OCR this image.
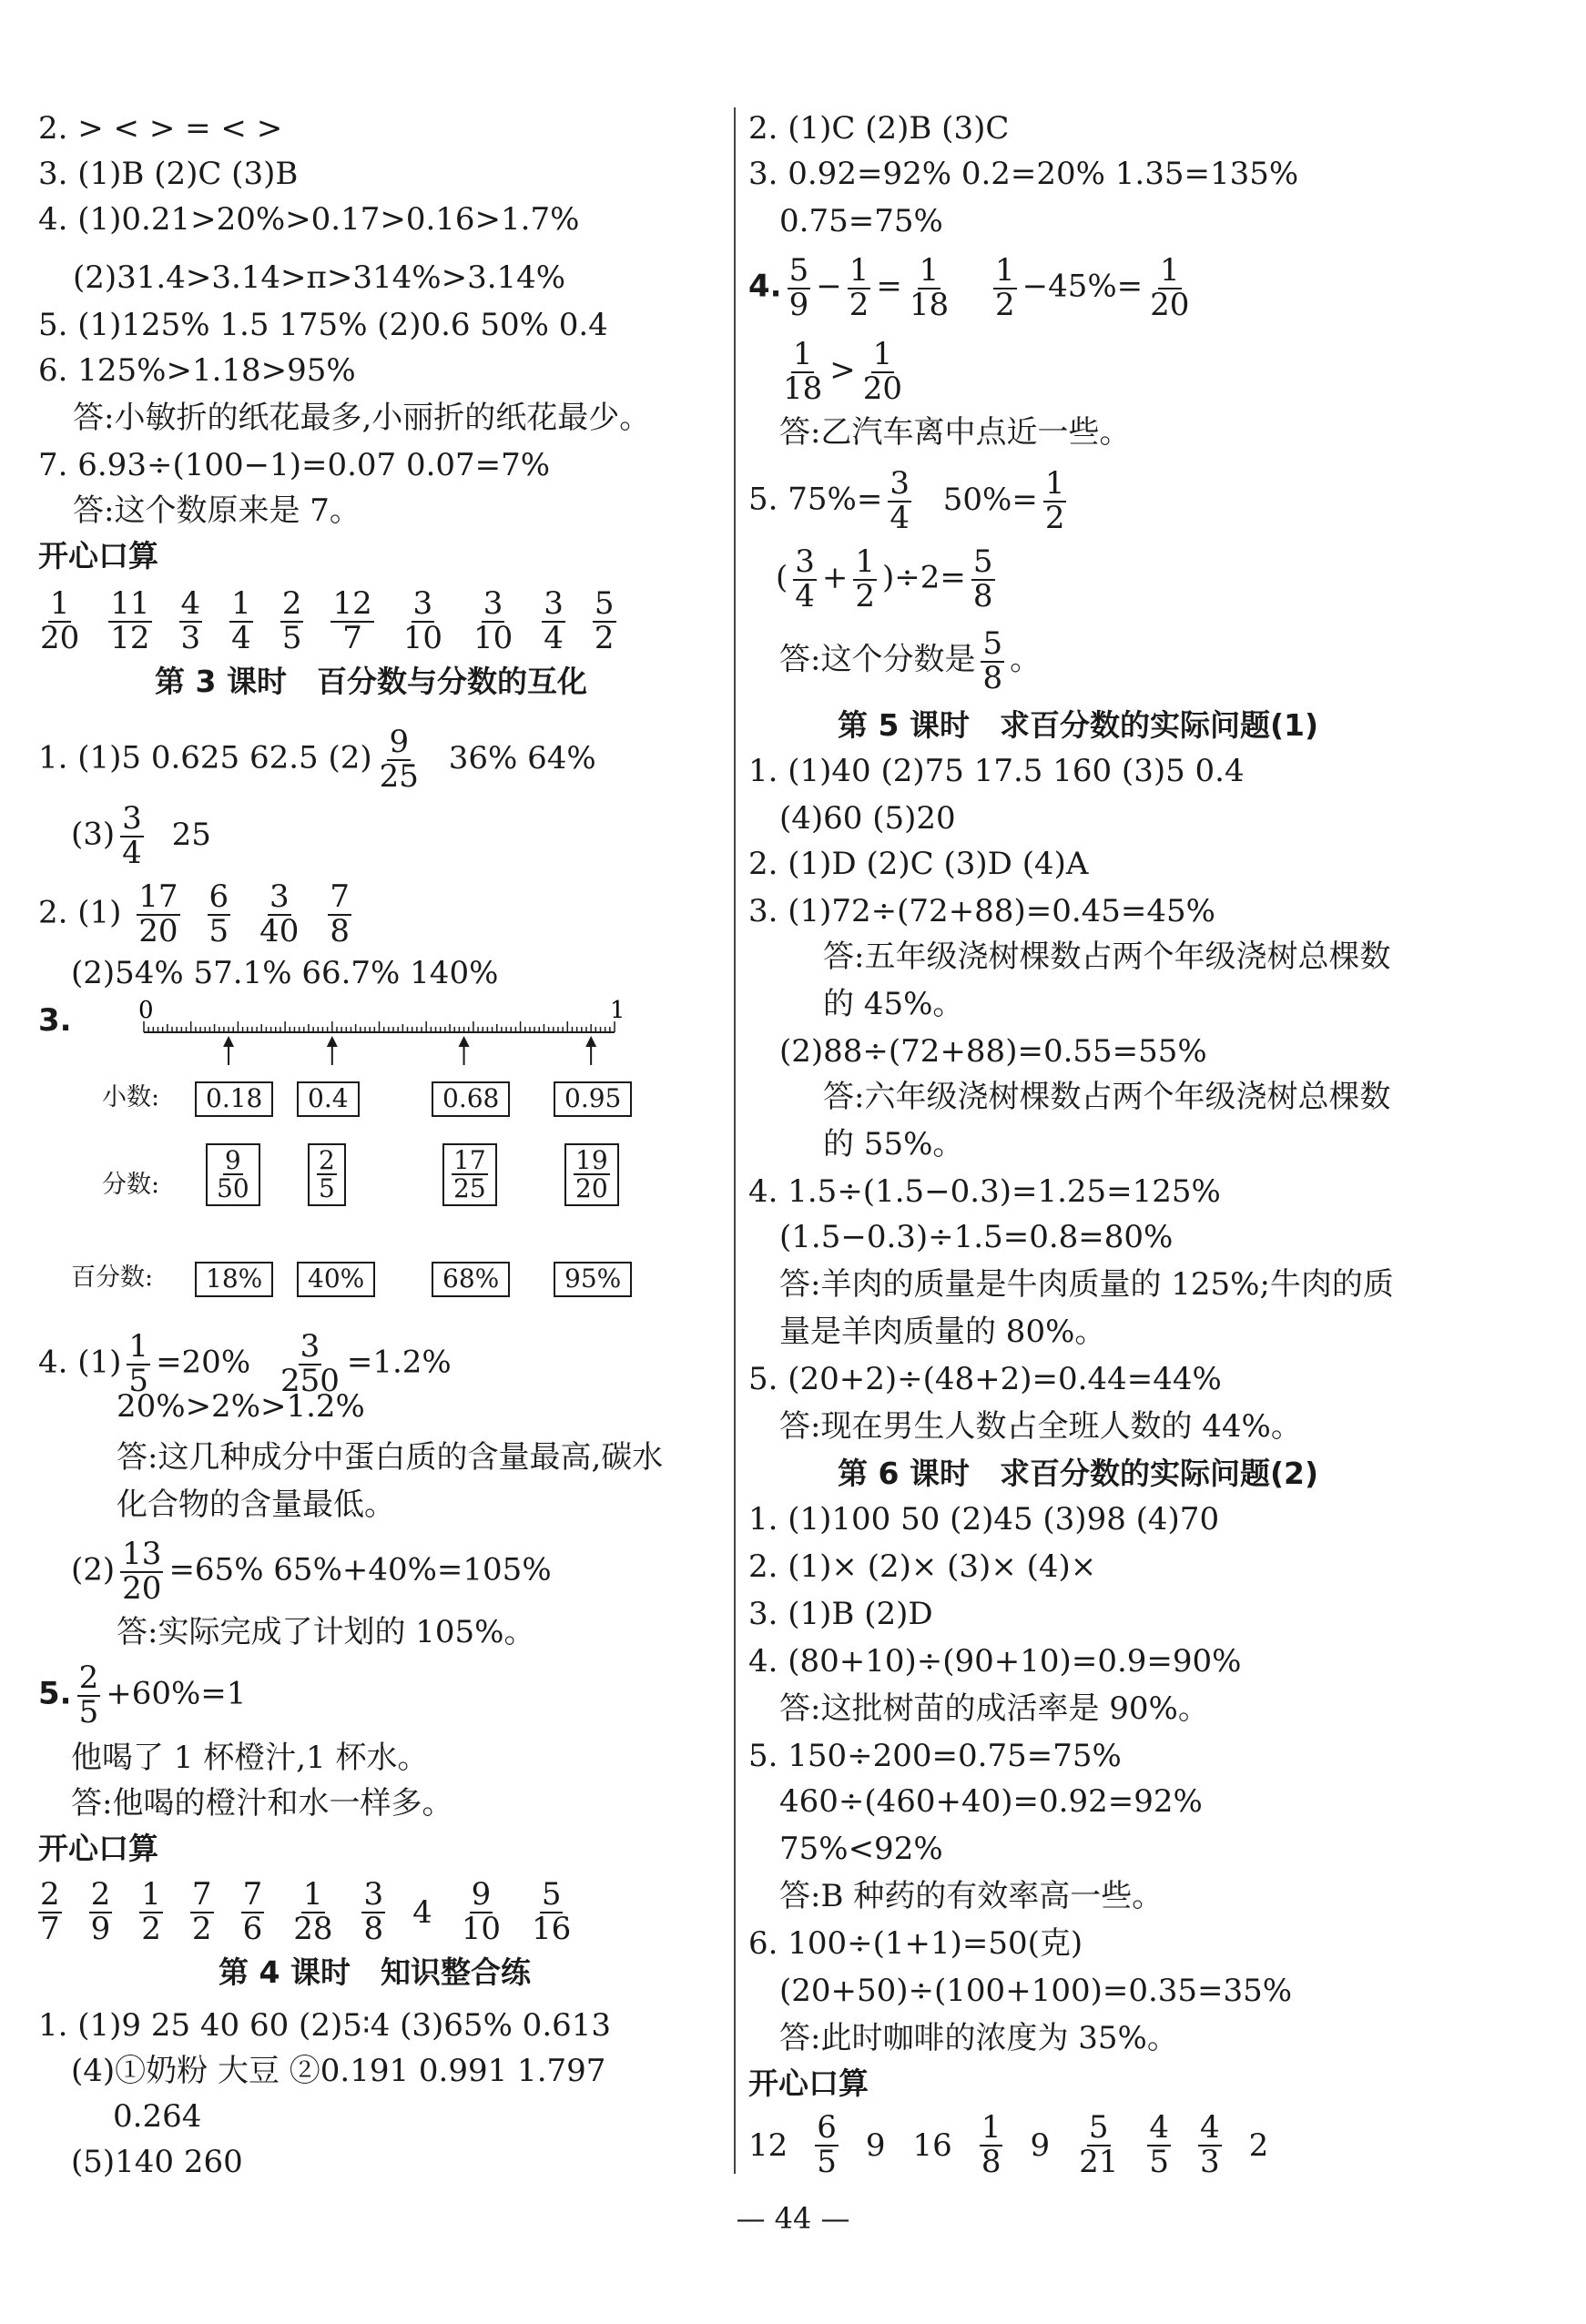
2. > < > = < >
3. (1)B (2)C (3)B
4. (1)0.21>20%>0.17>0.16>1.7%
(2)31.4>3.14>π>314%>3.14%
5. (1)125% 1.5 175% (2)0.6 50% 0.4
6. 125%>1.18>95%
答:小敏折的纸花最多,小丽折的纸花最少。
7. 6.93÷(100−1)=0.07 0.07=7%
答:这个数原来是 7。
开心口算
$\frac{1}{20} \frac{11}{12} \frac{4}{3} \frac{1}{4} \frac{2}{5} \frac{12}{7} \frac{3}{10} \frac{3}{10} \frac{3}{4} \frac{5}{2}$
第 3 课时　百分数与分数的互化
1. (1)5 0.625 62.5 $(2) \frac{9}{25} 36\%$ 64%
$(3) \frac{3}{4} 25$
2. $(1) \frac{17}{20} \frac{6}{5} \frac{3}{40} \frac{7}{8}$
(2)54% 57.1% 66.7% 140%
3.	0	1
小数:
分数:
百分数:
0.18
$\frac{9}{50}$
18%
0.4
$\frac{2}{5}$
40%
0.68
$\frac{17}{25}$
68%
0.95
$\frac{19}{20}$
95%
4. $(1) \frac{1}{5} =20\% \frac{3}{250} =1.2\%$
20%>2%>1.2%
答:这几种成分中蛋白质的含量最高,碳水
化合物的含量最低。
$(2) \frac{13}{20} =65\%$ 65%+40%=105%
答:实际完成了计划的 105%。
5. $\frac{2}{5} +60\%=1$
他喝了 1 杯橙汁,1 杯水。
答:他喝的橙汁和水一样多。
开心口算
$\frac{2}{7} \frac{2}{9} \frac{1}{2} \frac{7}{2} \frac{7}{6} \frac{1}{28} \frac{3}{8} 4 \frac{9}{10} \frac{5}{16}$
第 4 课时　知识整合练
1. (1)9 25 40 60 (2)5∶4 (3)65% 0.613
(4)①奶粉 大豆 ②0.191 0.991 1.797
0.264
(5)140 260
2. (1)C (2)B (3)C
3. 0.92=92% 0.2=20% 1.35=135%
0.75=75%
4. $\frac{5}{9} - \frac{1}{2} = \frac{1}{18}$
$\frac{1}{2} -45\%= \frac{1}{20}$
$\frac{1}{18} > \frac{1}{20}$
答:乙汽车离中点近一些。
5. $75\%= \frac{3}{4} 50\%= \frac{1}{2}$
( $\frac{3}{4} + \frac{1}{2} )\div 2= \frac{5}{8}$
答:这个分数是 $\frac{5}{8}$ 。
第 5 课时　求百分数的实际问题(1)
1. (1)40 (2)75 17.5 160 (3)5 0.4
(4)60 (5)20
2. (1)D (2)C (3)D (4)A
3. (1)72÷(72+88)=0.45=45%
答:五年级浇树棵数占两个年级浇树总棵数
的 45%。
(2)88÷(72+88)=0.55=55%
答:六年级浇树棵数占两个年级浇树总棵数
的 55%。
4. 1.5÷(1.5−0.3)=1.25=125%
(1.5−0.3)÷1.5=0.8=80%
答:羊肉的质量是牛肉质量的 125%;牛肉的质
量是羊肉质量的 80%。
5. (20+2)÷(48+2)=0.44=44%
答:现在男生人数占全班人数的 44%。
第 6 课时　求百分数的实际问题(2)
1. (1)100 50 (2)45 (3)98 (4)70
2. (1)× (2)× (3)× (4)×
3. (1)B (2)D
4. (80+10)÷(90+10)=0.9=90%
答:这批树苗的成活率是 90%。
5. 150÷200=0.75=75%
460÷(460+40)=0.92=92%
75%<92%
答:B 种药的有效率高一些。
6. 100÷(1+1)=50(克)
(20+50)÷(100+100)=0.35=35%
答:此时咖啡的浓度为 35%。
开心口算
$12 \frac{6}{5} 9$ $16 \frac{1}{8} 9 \frac{5}{21} \frac{4}{5} \frac{4}{3} 2$
— 44 —
